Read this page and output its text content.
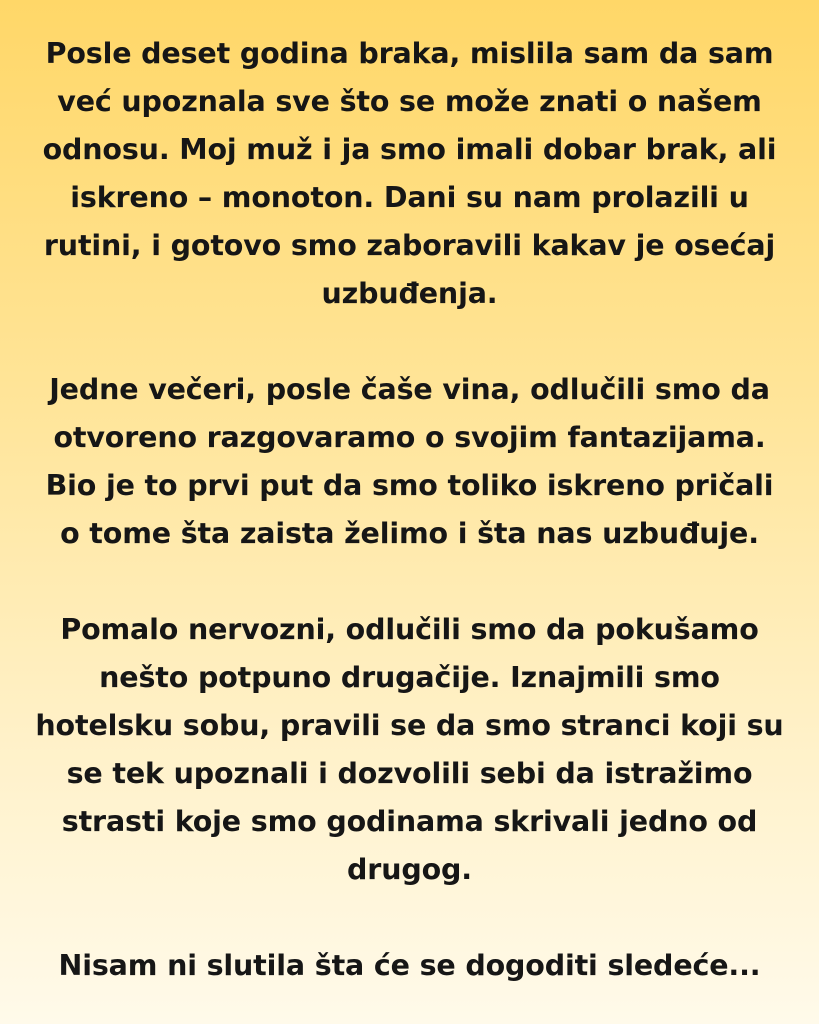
Posle deset godina braka, mislila sam da sam
već upoznala sve što se može znati o našem
odnosu. Moj muž i ja smo imali dobar brak, ali
iskreno – monoton. Dani su nam prolazili u
rutini, i gotovo smo zaboravili kakav je osećaj
uzbuđenja.

Jedne večeri, posle čaše vina, odlučili smo da
otvoreno razgovaramo o svojim fantazijama.
Bio je to prvi put da smo toliko iskreno pričali
o tome šta zaista želimo i šta nas uzbuđuje.

Pomalo nervozni, odlučili smo da pokušamo
nešto potpuno drugačije. Iznajmili smo
hotelsku sobu, pravili se da smo stranci koji su
se tek upoznali i dozvolili sebi da istražimo
strasti koje smo godinama skrivali jedno od
drugog.

Nisam ni slutila šta će se dogoditi sledeće...
